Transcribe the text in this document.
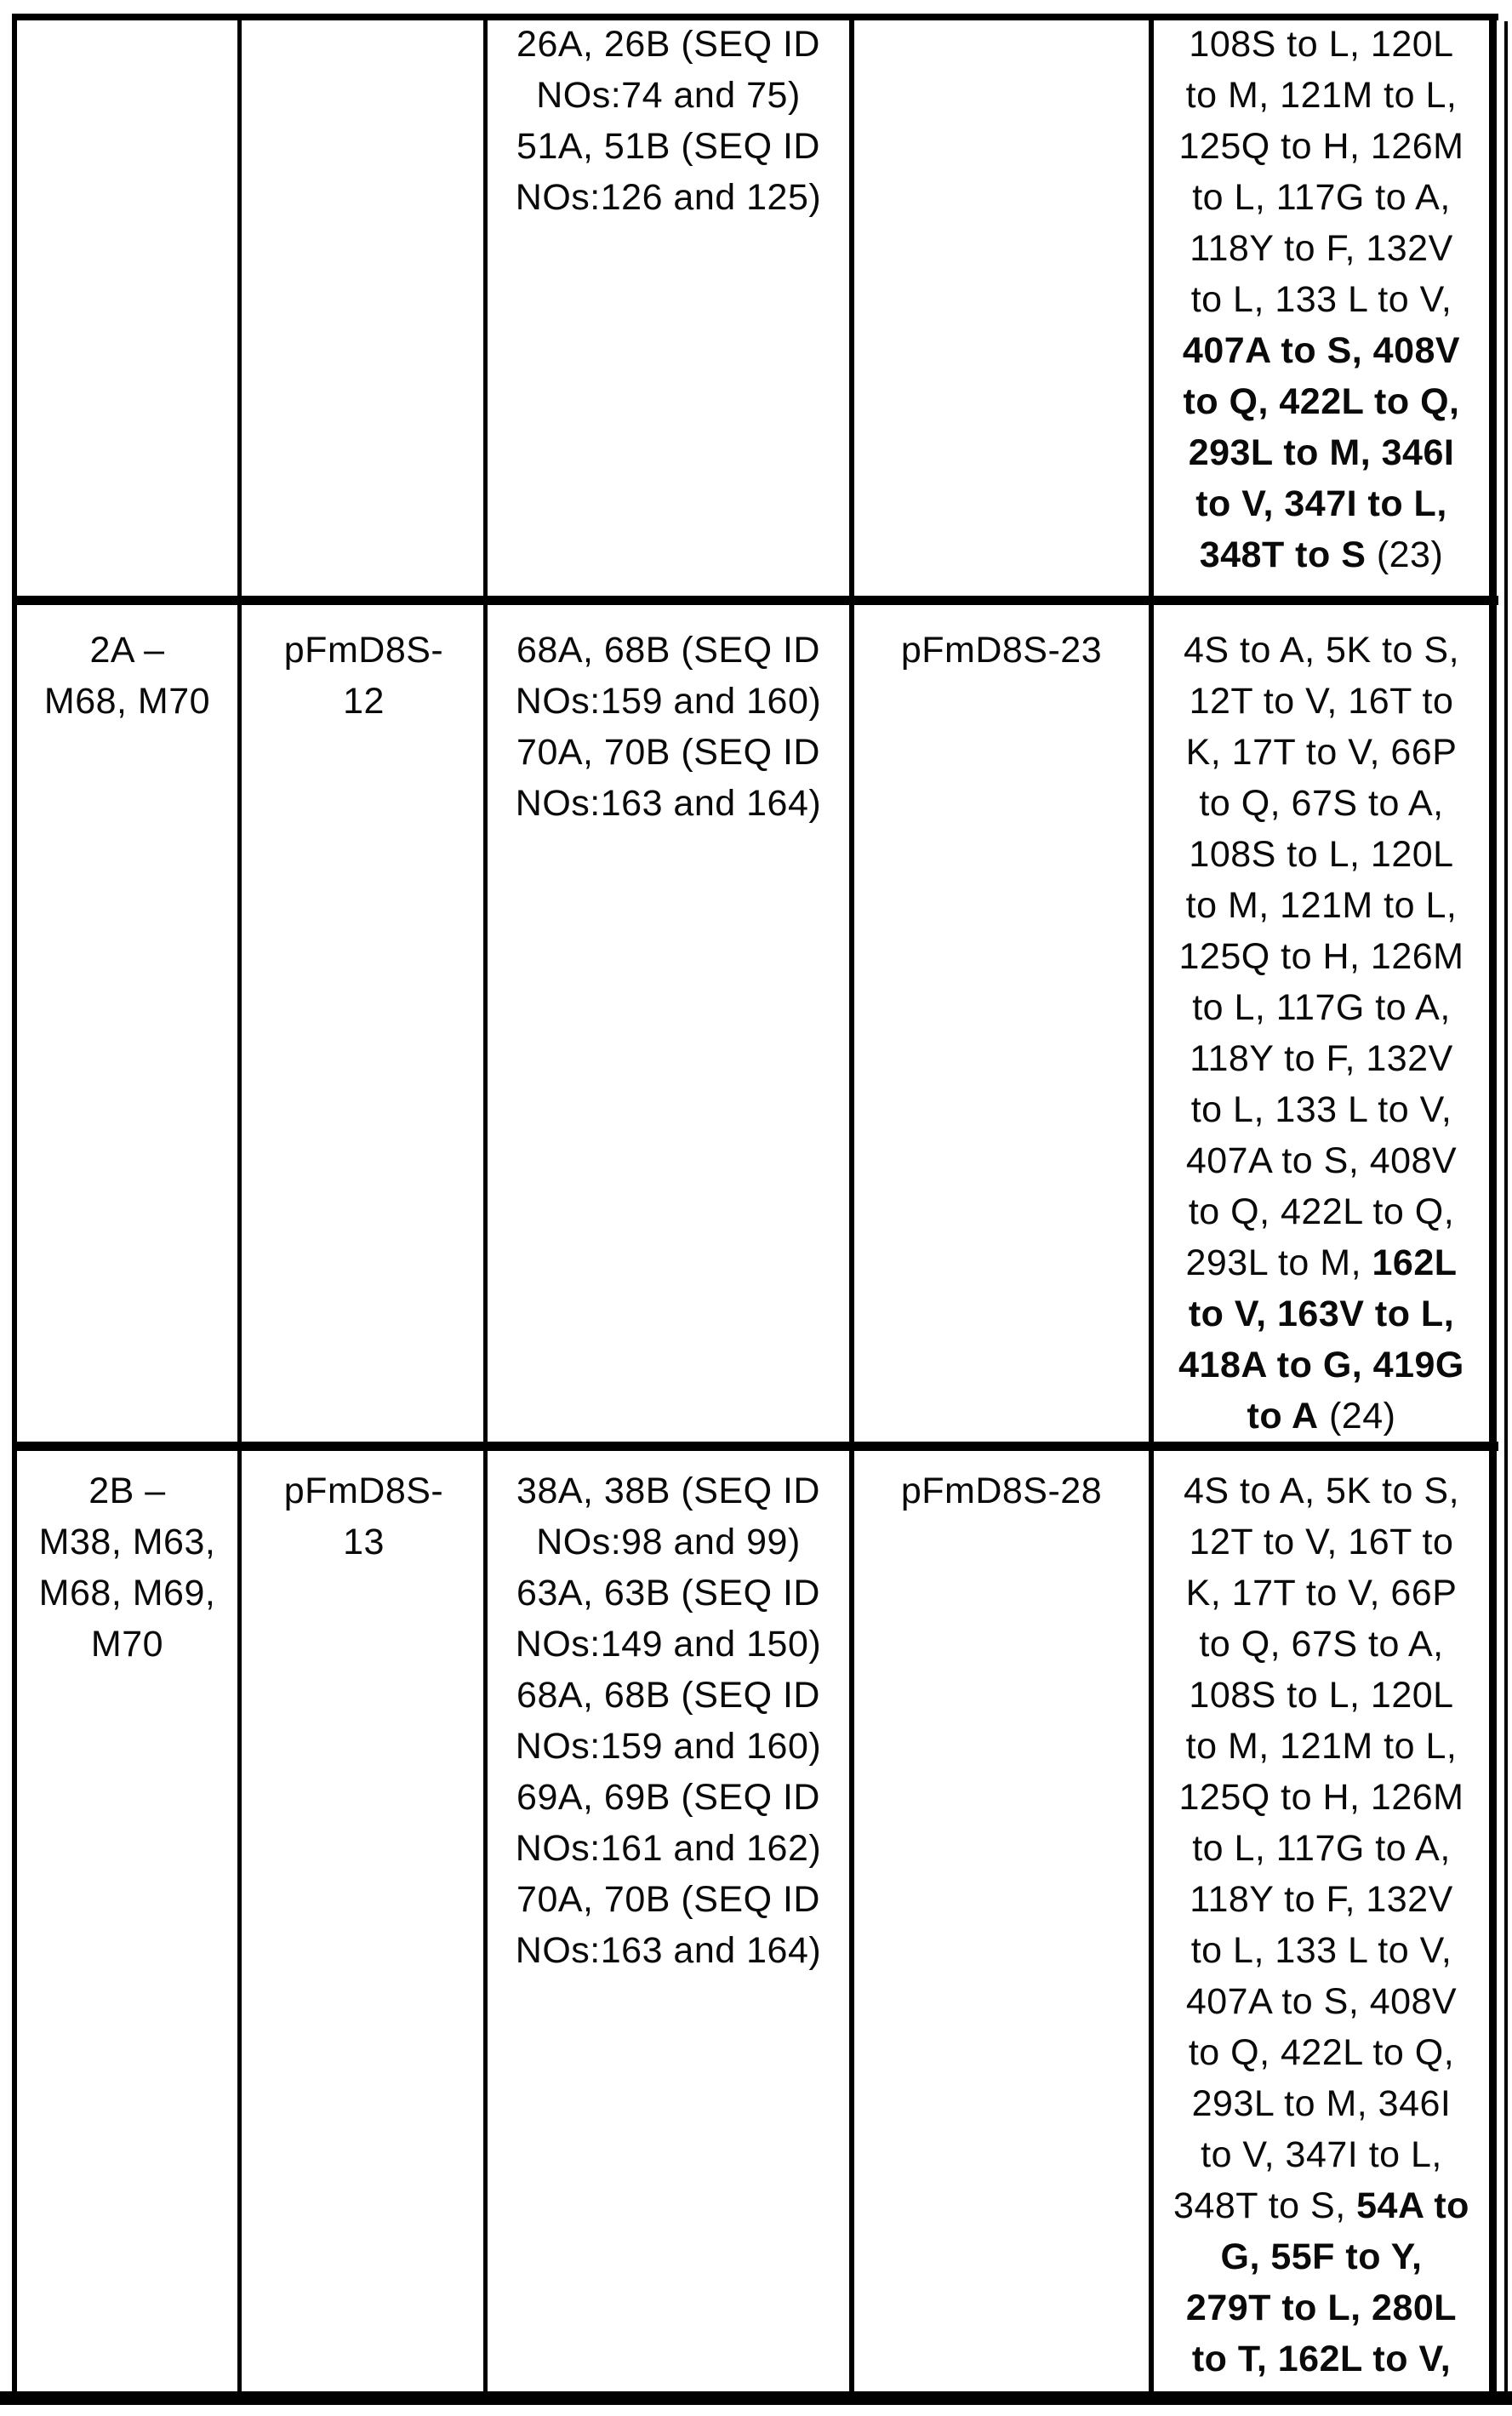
26A, 26B (SEQ ID
NOs:74 and 75)
51A, 51B (SEQ ID
NOs:126 and 125)
108S to L, 120L
to M, 121M to L,
125Q to H, 126M
to L, 117G to A,
118Y to F, 132V
to L, 133 L to V,
407A to S, 408V
to Q, 422L to Q,
293L to M, 346I
to V, 347I to L,
348T to S (23)
2A –
M68, M70
pFmD8S-
12
68A, 68B (SEQ ID
NOs:159 and 160)
70A, 70B (SEQ ID
NOs:163 and 164)
pFmD8S-23	4S to A, 5K to S,
12T to V, 16T to
K, 17T to V, 66P
to Q, 67S to A,
108S to L, 120L
to M, 121M to L,
125Q to H, 126M
to L, 117G to A,
118Y to F, 132V
to L, 133 L to V,
407A to S, 408V
to Q, 422L to Q,
293L to M, 162L
to V, 163V to L,
418A to G, 419G
to A (24)
2B –
M38, M63,
M68, M69,
M70
pFmD8S-
13
38A, 38B (SEQ ID
NOs:98 and 99)
63A, 63B (SEQ ID
NOs:149 and 150)
68A, 68B (SEQ ID
NOs:159 and 160)
69A, 69B (SEQ ID
NOs:161 and 162)
70A, 70B (SEQ ID
NOs:163 and 164)
pFmD8S-28	4S to A, 5K to S,
12T to V, 16T to
K, 17T to V, 66P
to Q, 67S to A,
108S to L, 120L
to M, 121M to L,
125Q to H, 126M
to L, 117G to A,
118Y to F, 132V
to L, 133 L to V,
407A to S, 408V
to Q, 422L to Q,
293L to M, 346I
to V, 347I to L,
348T to S, 54A to
G, 55F to Y,
279T to L, 280L
to T, 162L to V,
